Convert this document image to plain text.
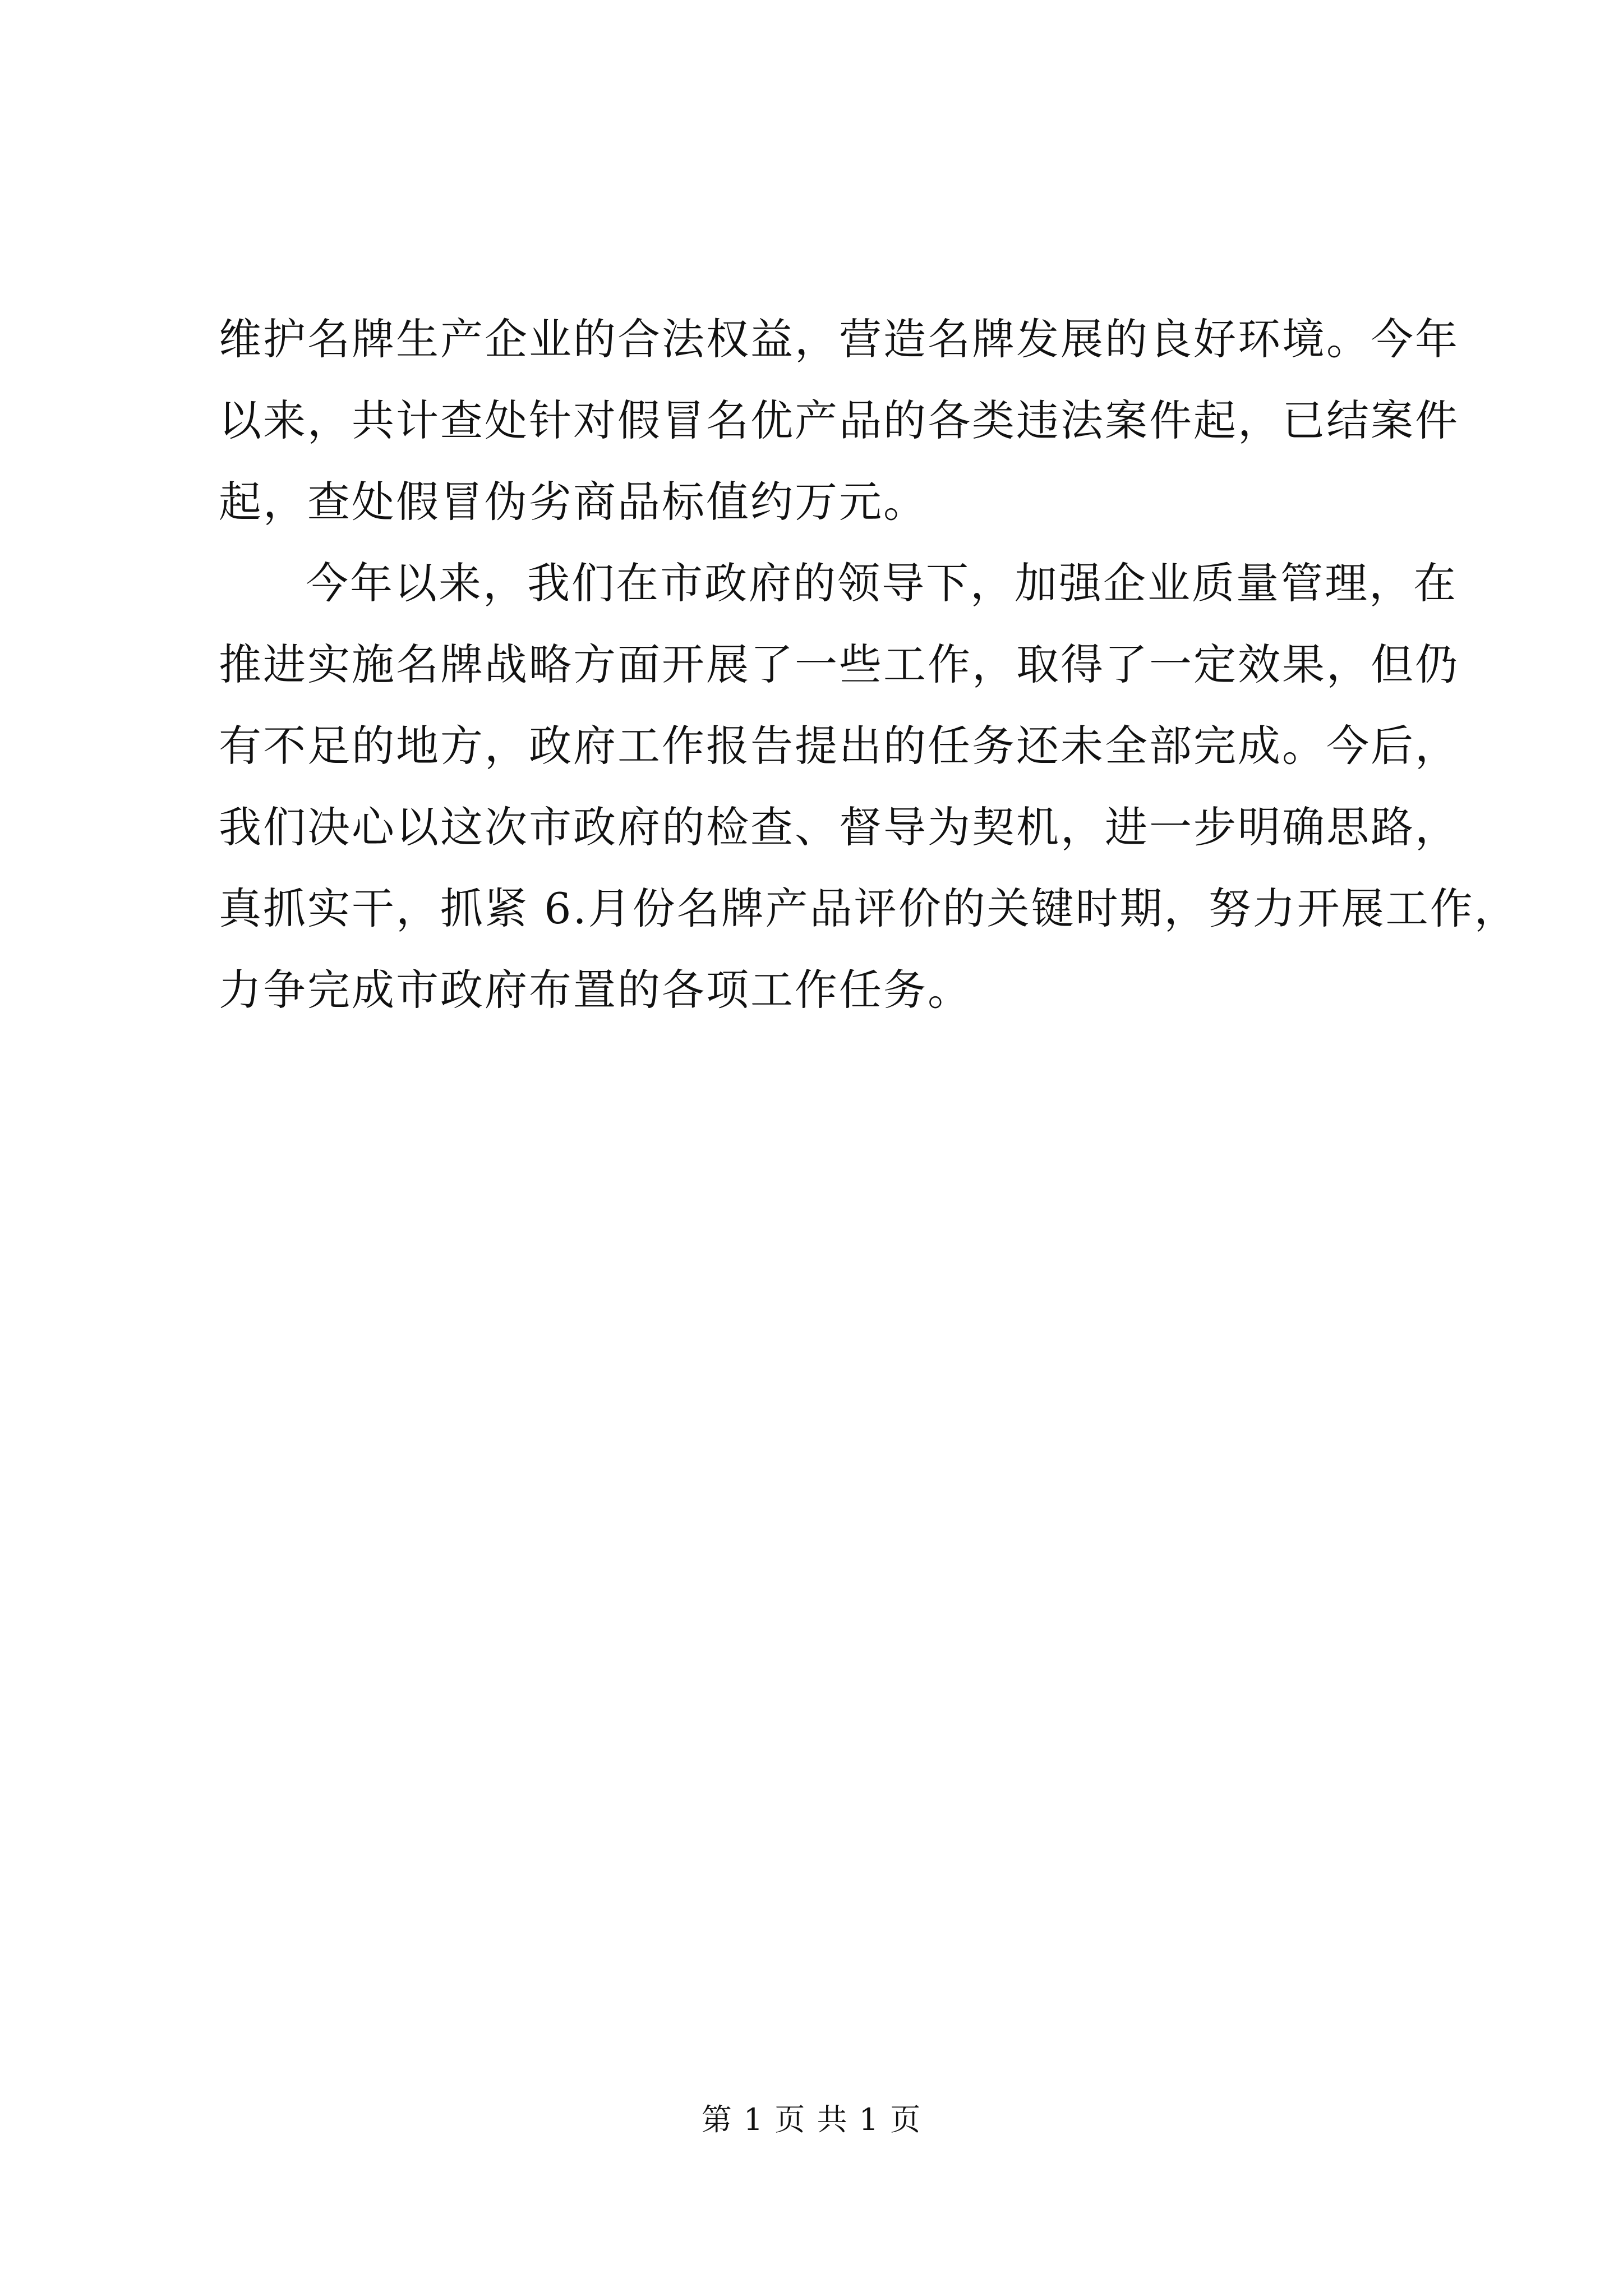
维护名牌生产企业的合法权益，营造名牌发展的良好环境。今年
以来，共计查处针对假冒名优产品的各类违法案件起，已结案件
起，查处假冒伪劣商品标值约万元。
今年以来，我们在市政府的领导下，加强企业质量管理，在
推进实施名牌战略方面开展了一些工作，取得了一定效果，但仍
有不足的地方，政府工作报告提出的任务还未全部完成。今后，
我们决心以这次市政府的检查、督导为契机，进一步明确思路，
真抓实干，抓紧 6.月份名牌产品评价的关键时期，努力开展工作，
力争完成市政府布置的各项工作任务。
第 1 页 共 1 页
